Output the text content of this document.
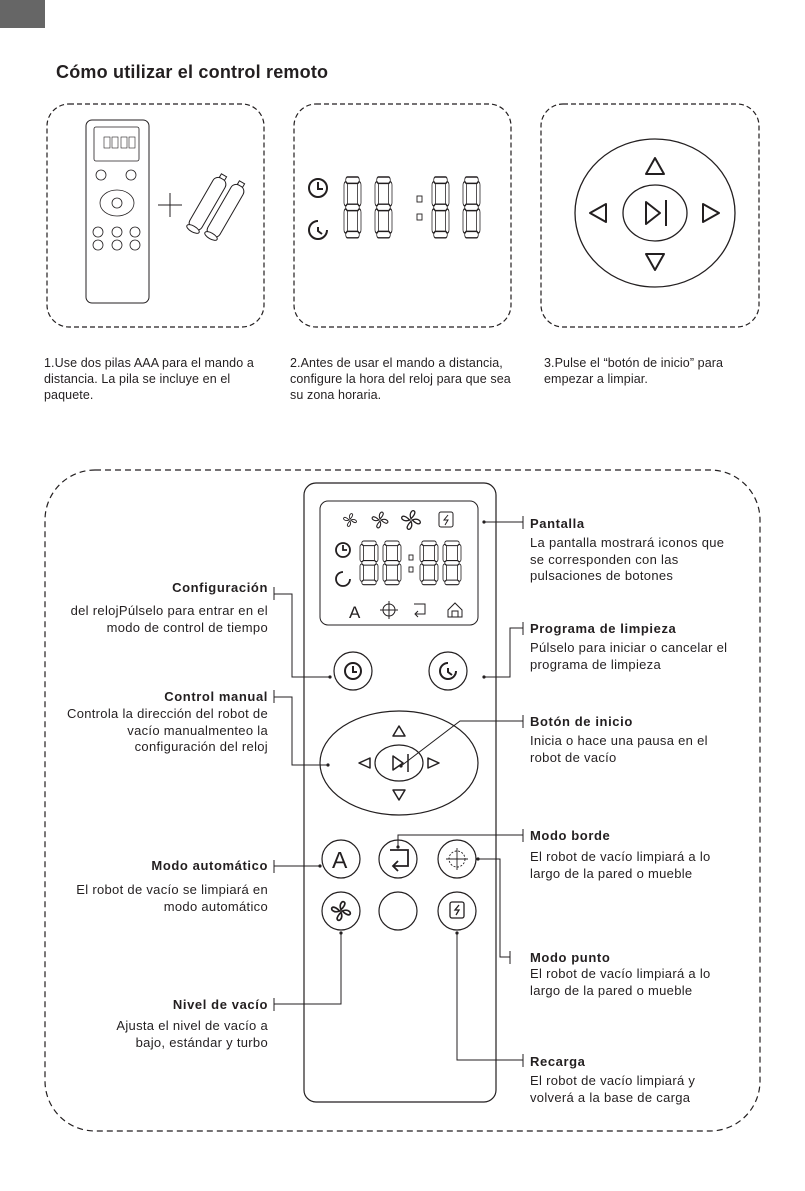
Cómo utilizar el control remoto
A
A
1.Use dos pilas AAA para el mando a distancia. La pila se incluye en el paquete.
2.Antes de usar el mando a distancia, configure la hora del reloj para que sea su zona horaria.
3.Pulse el “botón de inicio” para empezar a limpiar.
Configuración
del relojPúlselo para entrar en el modo de control de tiempo
Control manual
Controla la dirección del robot de vacío manualmenteo la configuración del reloj
Modo automático
El robot de vacío se limpiará en modo automático
Nivel de vacío
Ajusta el nivel de vacío a bajo, estándar y turbo
Pantalla
La pantalla mostrará iconos que se corresponden con las pulsaciones de botones
Programa de limpieza
Púlselo para iniciar o cancelar el programa de limpieza
Botón de inicio
Inicia o hace una pausa en el robot de vacío
Modo borde
El robot de vacío limpiará a lo largo de la pared o mueble
Modo punto
El robot de vacío limpiará a lo largo de la pared o mueble
Recarga
El robot de vacío limpiará y volverá a la base de carga
